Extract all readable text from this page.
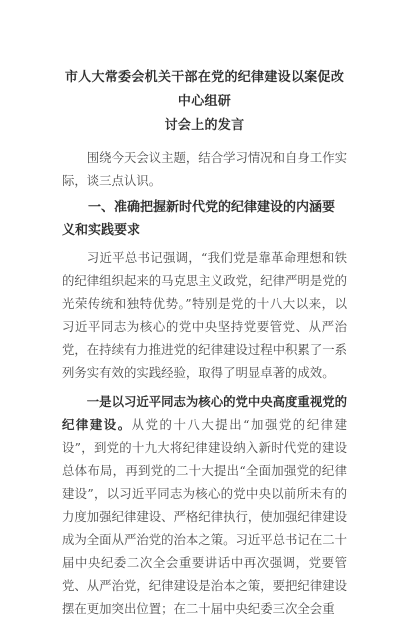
市人大常委会机关干部在党的纪律建设以案促改中心组研
讨会上的发言

围绕今天会议主题，结合学习情况和自身工作实际，谈三点认识。

一、准确把握新时代党的纪律建设的内涵要义和实践要求

习近平总书记强调，“我们党是靠革命理想和铁的纪律组织起来的马克思主义政党，纪律严明是党的光荣传统和独特优势。”特别是党的十八大以来，以习近平同志为核心的党中央坚持党要管党、从严治党，在持续有力推进党的纪律建设过程中积累了一系列务实有效的实践经验，取得了明显卓著的成效。

一是以习近平同志为核心的党中央高度重视党的纪律建设。从党的十八大提出“加强党的纪律建设”，到党的十九大将纪律建设纳入新时代党的建设总体布局，再到党的二十大提出“全面加强党的纪律建设”，以习近平同志为核心的党中央以前所未有的力度加强纪律建设、严格纪律执行，使加强纪律建设成为全面从严治党的治本之策。习近平总书记在二十届中央纪委二次全会重要讲话中再次强调，党要管党、从严治党，纪律建设是治本之策，要把纪律建设摆在更加突出位置；在二十届中央纪委三次全会重
